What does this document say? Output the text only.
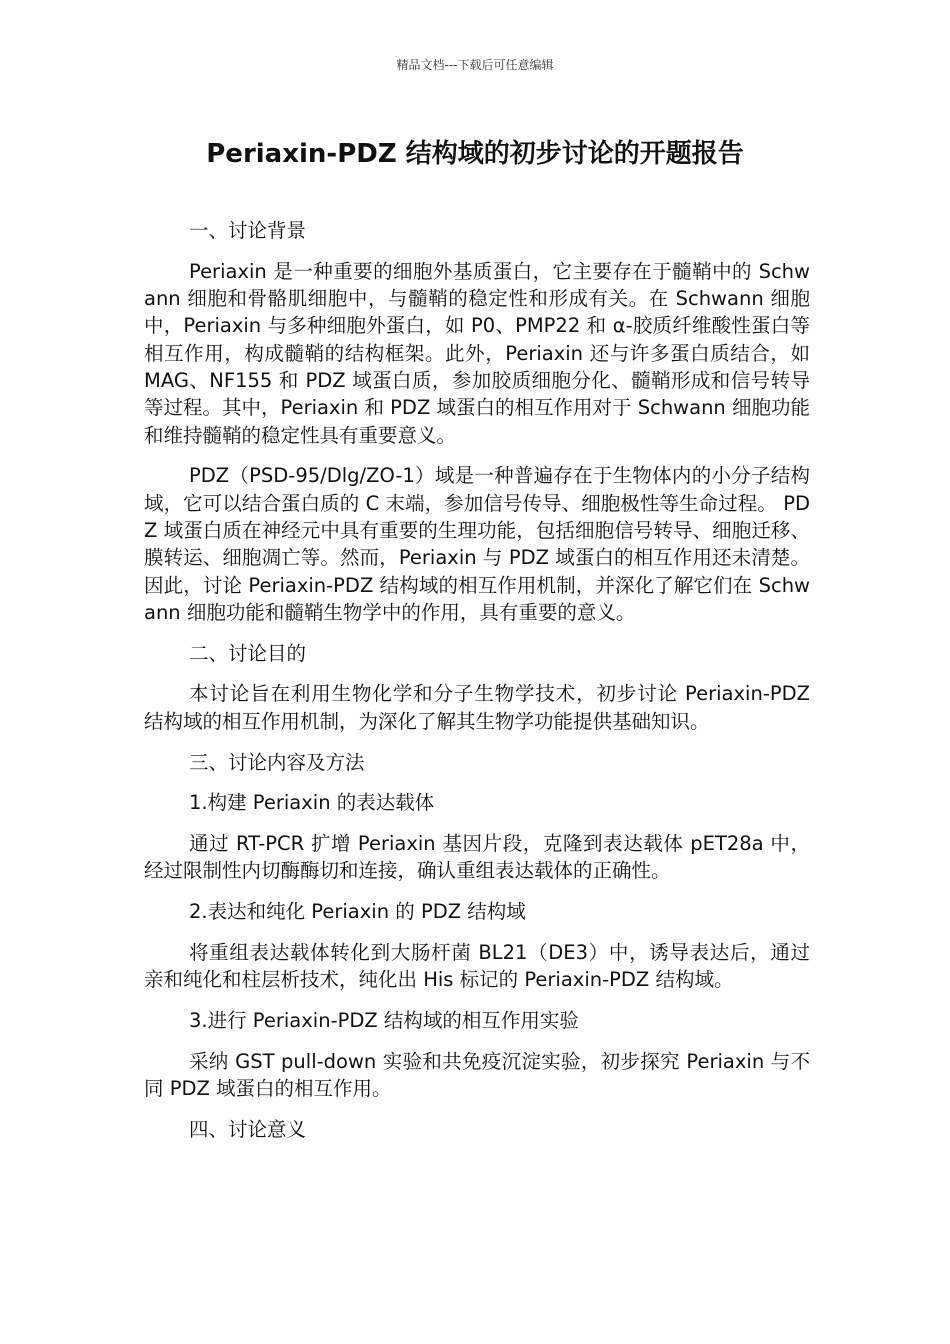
精品文档---下载后可任意编辑
Periaxin-PDZ 结构域的初步讨论的开题报告

一、讨论背景

Periaxin 是一种重要的细胞外基质蛋白，它主要存在于髓鞘中的 Schwann 细胞和骨骼肌细胞中，与髓鞘的稳定性和形成有关。在 Schwann 细胞中，Periaxin 与多种细胞外蛋白，如 P0、PMP22 和 α-胶质纤维酸性蛋白等相互作用，构成髓鞘的结构框架。此外，Periaxin 还与许多蛋白质结合，如 MAG、NF155 和 PDZ 域蛋白质，参加胶质细胞分化、髓鞘形成和信号转导等过程。其中，Periaxin 和 PDZ 域蛋白的相互作用对于 Schwann 细胞功能和维持髓鞘的稳定性具有重要意义。

PDZ（PSD-95/Dlg/ZO-1）域是一种普遍存在于生物体内的小分子结构域，它可以结合蛋白质的 C 末端，参加信号传导、细胞极性等生命过程。 PDZ 域蛋白质在神经元中具有重要的生理功能，包括细胞信号转导、细胞迁移、膜转运、细胞凋亡等。然而，Periaxin 与 PDZ 域蛋白的相互作用还未清楚。因此，讨论 Periaxin-PDZ 结构域的相互作用机制，并深化了解它们在 Schwann 细胞功能和髓鞘生物学中的作用，具有重要的意义。

二、讨论目的

本讨论旨在利用生物化学和分子生物学技术，初步讨论 Periaxin-PDZ 结构域的相互作用机制，为深化了解其生物学功能提供基础知识。

三、讨论内容及方法

1.构建 Periaxin 的表达载体

通过 RT-PCR 扩增 Periaxin 基因片段，克隆到表达载体 pET28a 中，经过限制性内切酶酶切和连接，确认重组表达载体的正确性。

2.表达和纯化 Periaxin 的 PDZ 结构域

将重组表达载体转化到大肠杆菌 BL21（DE3）中，诱导表达后，通过亲和纯化和柱层析技术，纯化出 His 标记的 Periaxin-PDZ 结构域。

3.进行 Periaxin-PDZ 结构域的相互作用实验

采纳 GST pull-down 实验和共免疫沉淀实验，初步探究 Periaxin 与不同 PDZ 域蛋白的相互作用。

四、讨论意义
